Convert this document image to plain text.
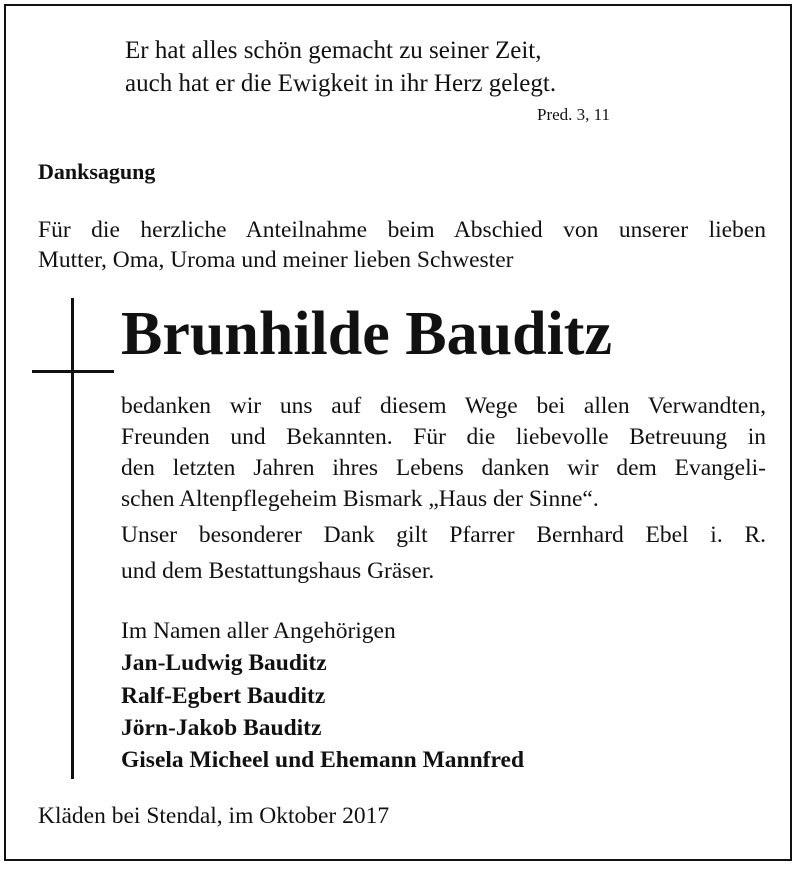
Er hat alles schön gemacht zu seiner Zeit,
auch hat er die Ewigkeit in ihr Herz gelegt.
Pred. 3, 11
Danksagung
Für die herzliche Anteilnahme beim Abschied von unserer lieben
Mutter, Oma, Uroma und meiner lieben Schwester
Brunhilde Bauditz
bedanken wir uns auf diesem Wege bei allen Verwandten,
Freunden und Bekannten. Für die liebevolle Betreuung in
den letzten Jahren ihres Lebens danken wir dem Evangeli-
schen Altenpflegeheim Bismark „Haus der Sinne“.
Unser besonderer Dank gilt Pfarrer Bernhard Ebel i. R.
und dem Bestattungshaus Gräser.
Im Namen aller Angehörigen
Jan-Ludwig Bauditz
Ralf-Egbert Bauditz
Jörn-Jakob Bauditz
Gisela Micheel und Ehemann Mannfred
Kläden bei Stendal, im Oktober 2017
